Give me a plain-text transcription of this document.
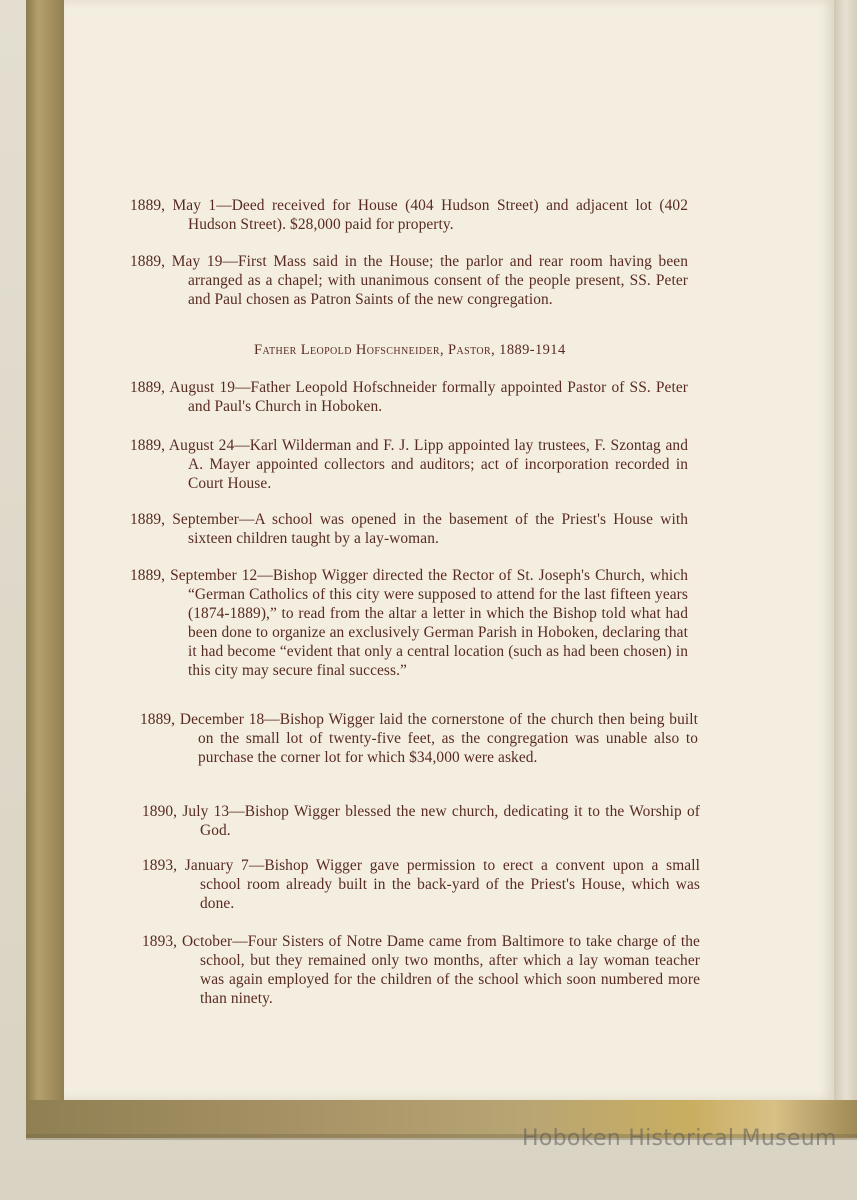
1889, May 1—Deed received for House (404 Hudson Street) and adjacent lot (402 Hudson Street). $28,000 paid for property.

1889, May 19—First Mass said in the House; the parlor and rear room having been arranged as a chapel; with unanimous consent of the people present, SS. Peter and Paul chosen as Patron Saints of the new congregation.

Father Leopold Hofschneider, Pastor, 1889-1914

1889, August 19—Father Leopold Hofschneider formally appointed Pastor of SS. Peter and Paul's Church in Hoboken.

1889, August 24—Karl Wilderman and F. J. Lipp appointed lay trustees, F. Szontag and A. Mayer appointed collectors and auditors; act of incorporation recorded in Court House.

1889, September—A school was opened in the basement of the Priest's House with sixteen children taught by a lay-woman.

1889, September 12—Bishop Wigger directed the Rector of St. Joseph's Church, which “German Catholics of this city were supposed to attend for the last fifteen years (1874-1889),” to read from the altar a letter in which the Bishop told what had been done to organize an exclusively German Parish in Hoboken, declaring that it had become “evident that only a central location (such as had been chosen) in this city may secure final success.”

1889, December 18—Bishop Wigger laid the cornerstone of the church then being built on the small lot of twenty-five feet, as the congregation was unable also to purchase the corner lot for which $34,000 were asked.

1890, July 13—Bishop Wigger blessed the new church, dedicating it to the Worship of God.

1893, January 7—Bishop Wigger gave permission to erect a convent upon a small school room already built in the back-yard of the Priest's House, which was done.

1893, October—Four Sisters of Notre Dame came from Baltimore to take charge of the school, but they remained only two months, after which a lay woman teacher was again employed for the children of the school which soon numbered more than ninety.

Hoboken Historical Museum
